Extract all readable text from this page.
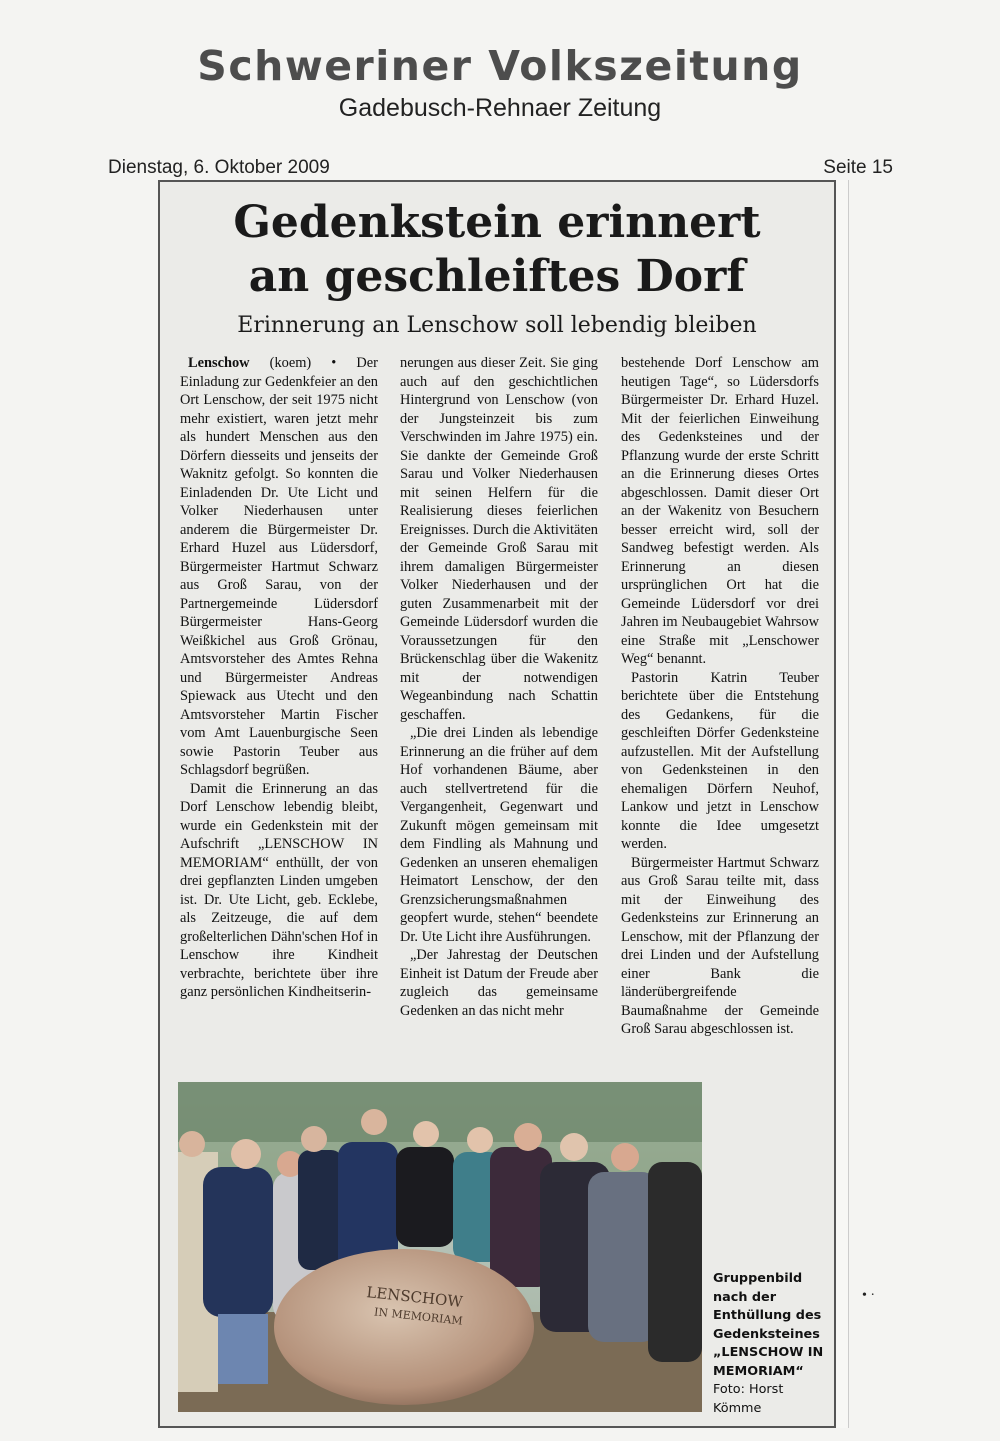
Schweriner Volkszeitung
Gadebusch-Rehnaer Zeitung
Dienstag, 6. Oktober 2009	Seite 15
Gedenkstein erinnert
an geschleiftes Dorf
Erinnerung an Lenschow soll lebendig bleiben

Lenschow (koem) • Der Einladung zur Gedenkfeier an den Ort Lenschow, der seit 1975 nicht mehr existiert, waren jetzt mehr als hundert Menschen aus den Dörfern diesseits und jenseits der Waknitz gefolgt. So konnten die Einladenden Dr. Ute Licht und Volker Niederhausen unter anderem die Bürgermeister Dr. Erhard Huzel aus Lüdersdorf, Bürgermeister Hartmut Schwarz aus Groß Sarau, von der Partnergemeinde Lüdersdorf Bürgermeister Hans-Georg Weißkichel aus Groß Grönau, Amtsvorsteher des Amtes Rehna und Bürgermeister Andreas Spiewack aus Utecht und den Amtsvorsteher Martin Fischer vom Amt Lauenburgische Seen sowie Pastorin Teuber aus Schlagsdorf begrüßen.

Damit die Erinnerung an das Dorf Lenschow lebendig bleibt, wurde ein Gedenkstein mit der Aufschrift „LENSCHOW IN MEMORIAM“ enthüllt, der von drei gepflanzten Linden umgeben ist. Dr. Ute Licht, geb. Ecklebe, als Zeitzeuge, die auf dem großelterlichen Dähn'schen Hof in Lenschow ihre Kindheit verbrachte, berichtete über ihre ganz persönlichen Kindheitserin-

nerungen aus dieser Zeit. Sie ging auch auf den geschichtlichen Hintergrund von Lenschow (von der Jungsteinzeit bis zum Verschwinden im Jahre 1975) ein. Sie dankte der Gemeinde Groß Sarau und Volker Niederhausen mit seinen Helfern für die Realisierung dieses feierlichen Ereignisses. Durch die Aktivitäten der Gemeinde Groß Sarau mit ihrem damaligen Bürgermeister Volker Niederhausen und der guten Zusammenarbeit mit der Gemeinde Lüdersdorf wurden die Voraussetzungen für den Brückenschlag über die Wakenitz mit der notwendigen Wegeanbindung nach Schattin geschaffen.

„Die drei Linden als lebendige Erinnerung an die früher auf dem Hof vorhandenen Bäume, aber auch stellvertretend für die Vergangenheit, Gegenwart und Zukunft mögen gemeinsam mit dem Findling als Mahnung und Gedenken an unseren ehemaligen Heimatort Lenschow, der den Grenzsicherungsmaßnahmen geopfert wurde, stehen“ beendete Dr. Ute Licht ihre Ausführungen.

„Der Jahrestag der Deutschen Einheit ist Datum der Freude aber zugleich das gemeinsame Gedenken an das nicht mehr

bestehende Dorf Lenschow am heutigen Tage“, so Lüdersdorfs Bürgermeister Dr. Erhard Huzel. Mit der feierlichen Einweihung des Gedenksteines und der Pflanzung wurde der erste Schritt an die Erinnerung dieses Ortes abgeschlossen. Damit dieser Ort an der Wakenitz von Besuchern besser erreicht wird, soll der Sandweg befestigt werden. Als Erinnerung an diesen ursprünglichen Ort hat die Gemeinde Lüdersdorf vor drei Jahren im Neubaugebiet Wahrsow eine Straße mit „Lenschower Weg“ benannt.

Pastorin Katrin Teuber berichtete über die Entstehung des Gedankens, für die geschleiften Dörfer Gedenksteine aufzustellen. Mit der Aufstellung von Gedenksteinen in den ehemaligen Dörfern Neuhof, Lankow und jetzt in Lenschow konnte die Idee umgesetzt werden.

Bürgermeister Hartmut Schwarz aus Groß Sarau teilte mit, dass mit der Einweihung des Gedenksteins zur Erinnerung an Lenschow, mit der Pflanzung der drei Linden und der Aufstellung einer Bank die länderübergreifende Baumaßnahme der Gemeinde Groß Sarau abgeschlossen ist.

LENSCHOW
IN MEMORIAM
Gruppenbild nach der Enthüllung des Gedenksteines „LENSCHOW IN MEMORIAM“
Foto: Horst Kömme
• ·
